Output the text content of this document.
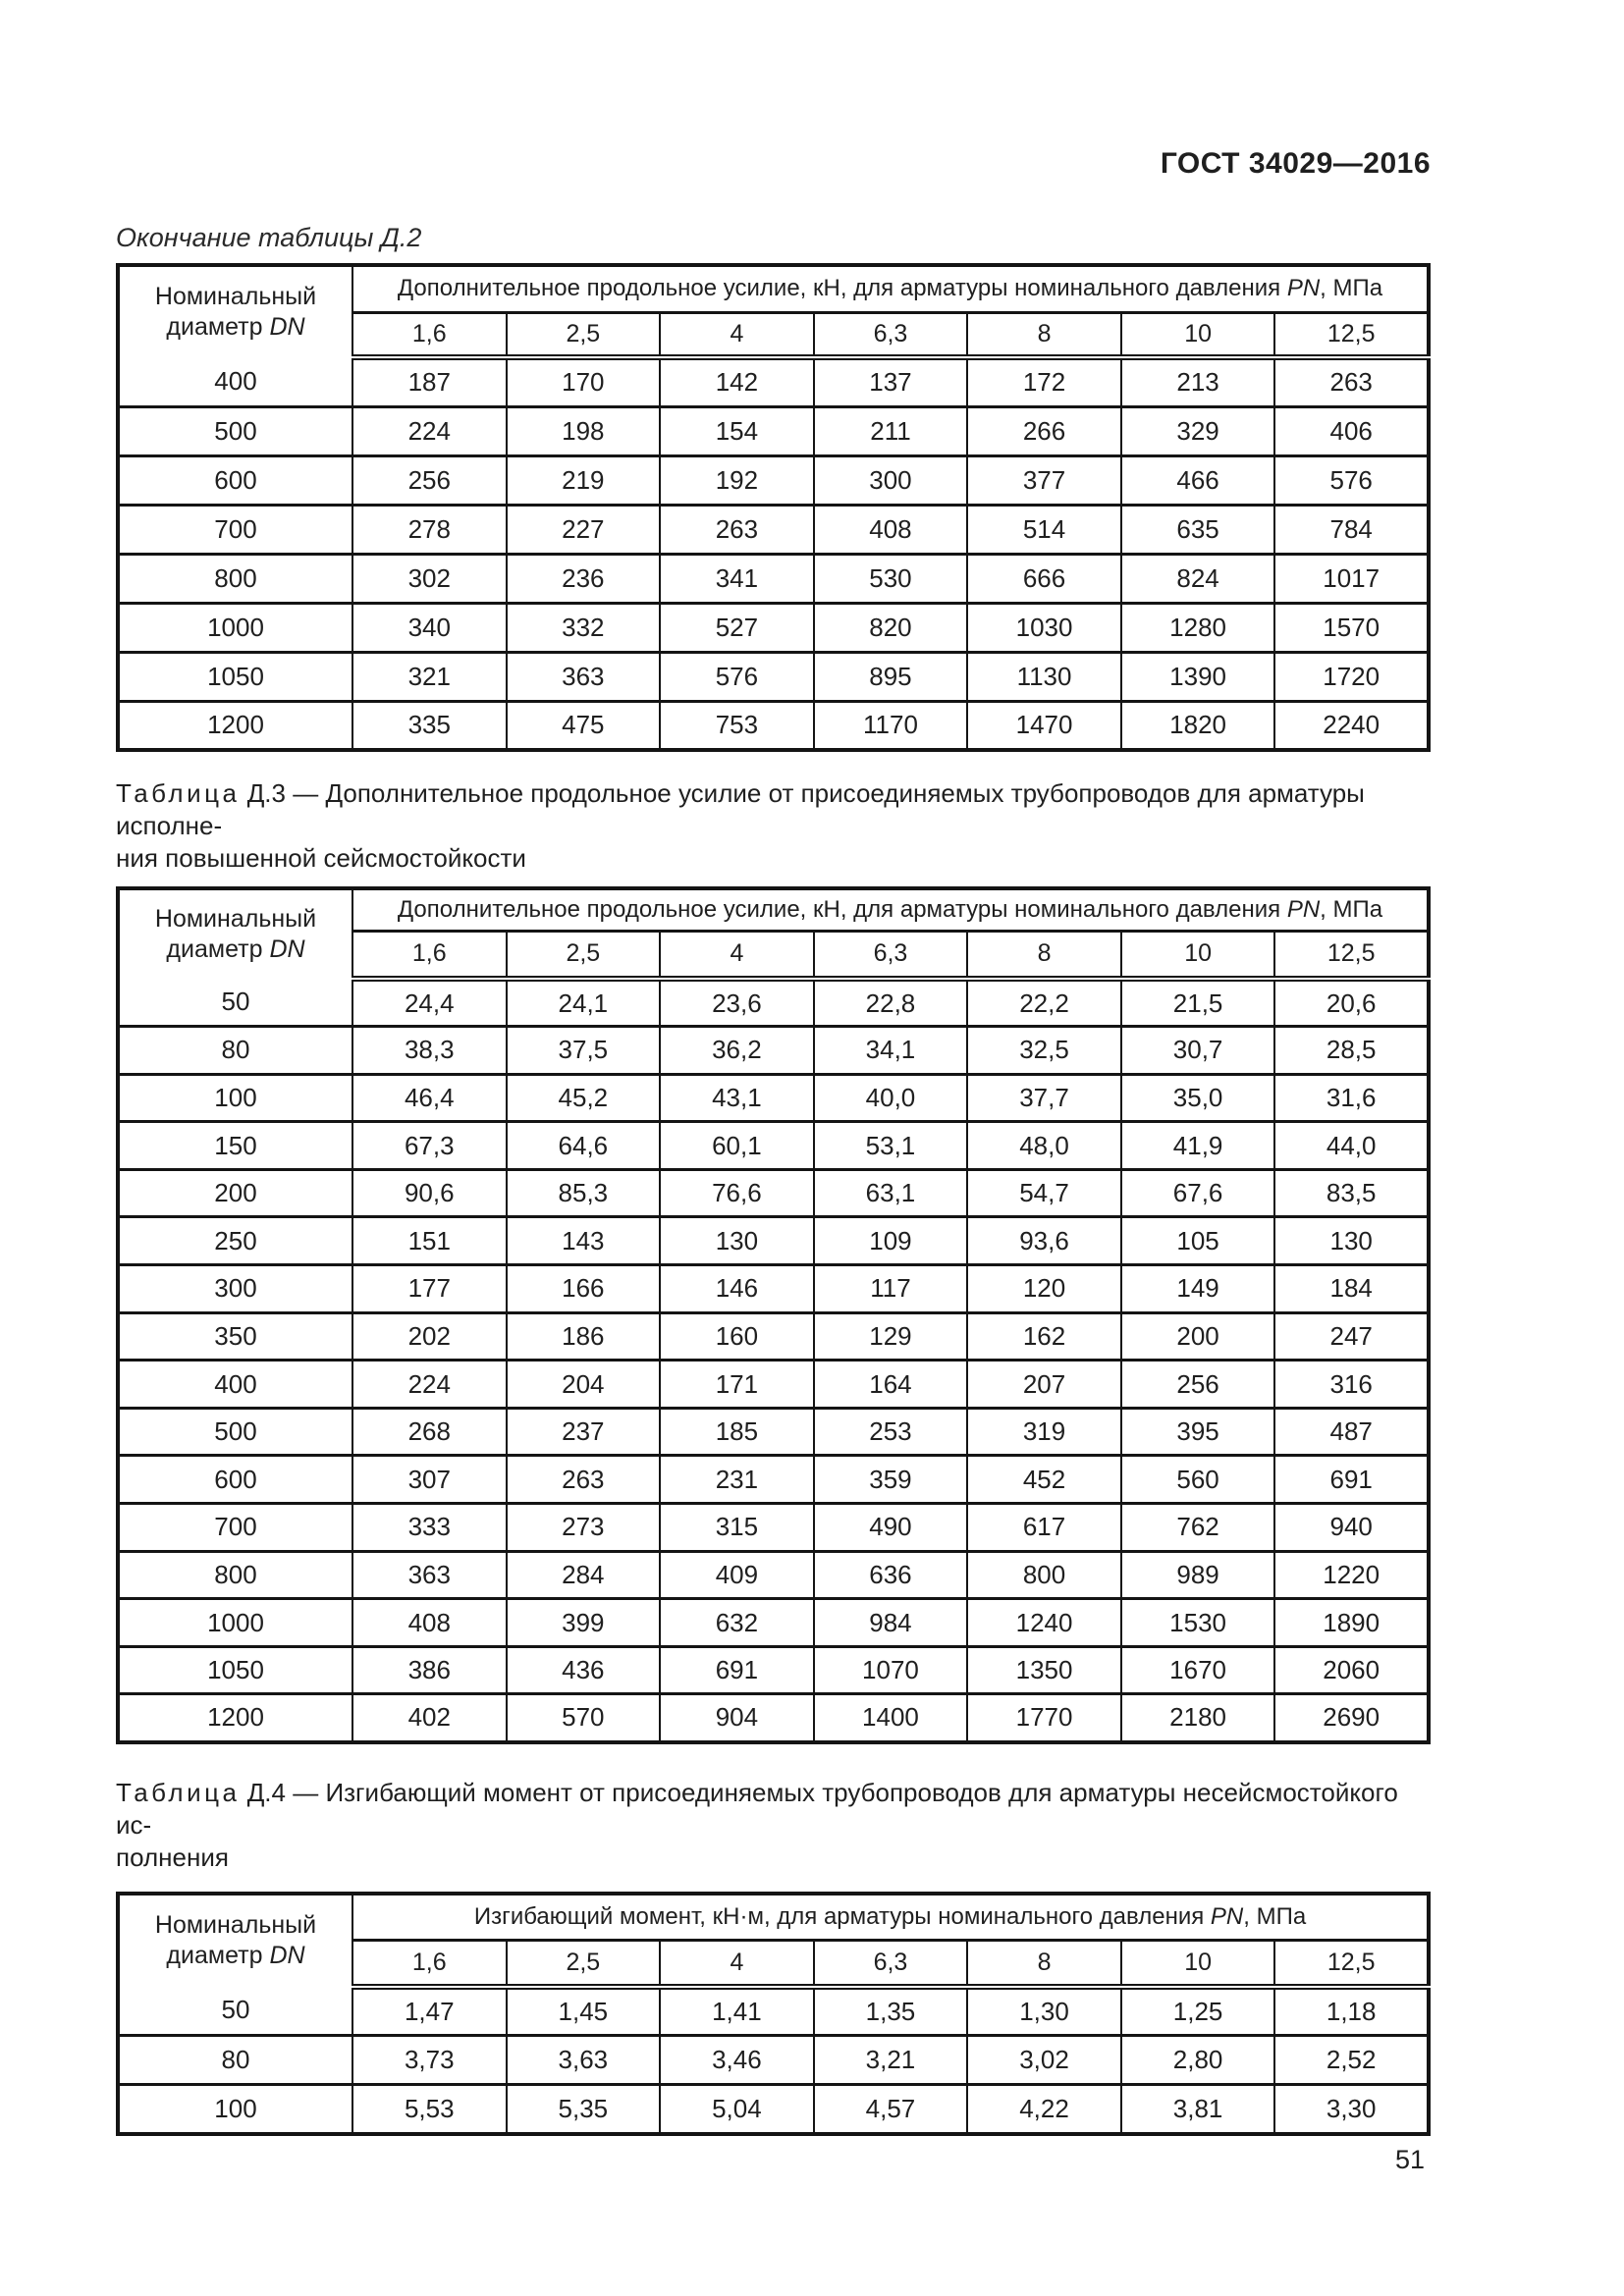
ГОСТ 34029—2016
Окончание таблицы Д.2
Номинальный
диаметр DN	Дополнительное продольное усилие, кН, для арматуры номинального давления PN, МПа						
	1,6	2,5	4	6,3	8	10	12,5
400	187	170	142	137	172	213	263
500	224	198	154	211	266	329	406
600	256	219	192	300	377	466	576
700	278	227	263	408	514	635	784
800	302	236	341	530	666	824	1017
1000	340	332	527	820	1030	1280	1570
1050	321	363	576	895	1130	1390	1720
1200	335	475	753	1170	1470	1820	2240

Таблица Д.3 — Дополнительное продольное усилие от присоединяемых трубопроводов для арматуры исполне-
ния повышенной сейсмостойкости

Номинальный
диаметр DN	Дополнительное продольное усилие, кН, для арматуры номинального давления PN, МПа						
	1,6	2,5	4	6,3	8	10	12,5
50	24,4	24,1	23,6	22,8	22,2	21,5	20,6
80	38,3	37,5	36,2	34,1	32,5	30,7	28,5
100	46,4	45,2	43,1	40,0	37,7	35,0	31,6
150	67,3	64,6	60,1	53,1	48,0	41,9	44,0
200	90,6	85,3	76,6	63,1	54,7	67,6	83,5
250	151	143	130	109	93,6	105	130
300	177	166	146	117	120	149	184
350	202	186	160	129	162	200	247
400	224	204	171	164	207	256	316
500	268	237	185	253	319	395	487
600	307	263	231	359	452	560	691
700	333	273	315	490	617	762	940
800	363	284	409	636	800	989	1220
1000	408	399	632	984	1240	1530	1890
1050	386	436	691	1070	1350	1670	2060
1200	402	570	904	1400	1770	2180	2690

Таблица Д.4 — Изгибающий момент от присоединяемых трубопроводов для арматуры несейсмостойкого ис-
полнения

Номинальный
диаметр DN	Изгибающий момент, кН·м, для арматуры номинального давления PN, МПа						
	1,6	2,5	4	6,3	8	10	12,5
50	1,47	1,45	1,41	1,35	1,30	1,25	1,18
80	3,73	3,63	3,46	3,21	3,02	2,80	2,52
100	5,53	5,35	5,04	4,57	4,22	3,81	3,30
51
